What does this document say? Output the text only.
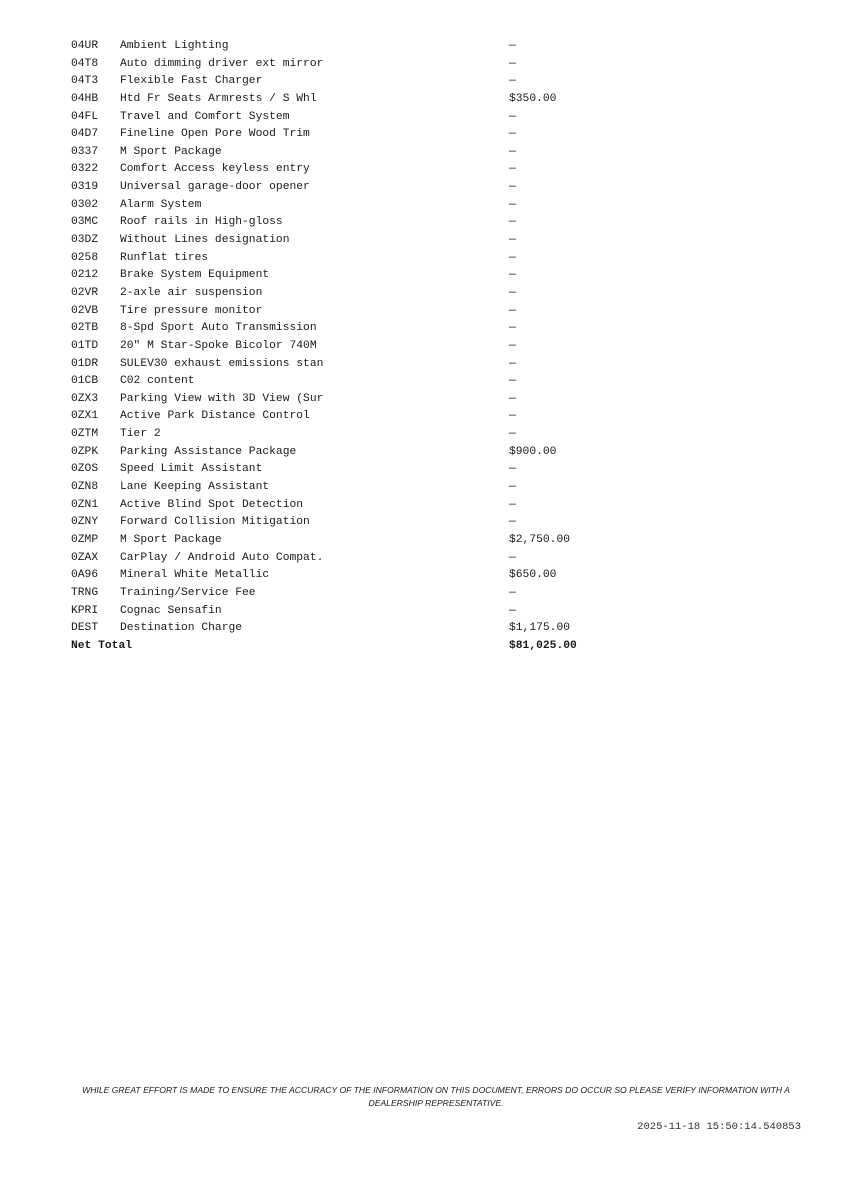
04UR	Ambient Lighting	—
04T8	Auto dimming driver ext mirror	—
04T3	Flexible Fast Charger	—
04HB	Htd Fr Seats Armrests / S Whl	$350.00
04FL	Travel and Comfort System	—
04D7	Fineline Open Pore Wood Trim	—
0337	M Sport Package	—
0322	Comfort Access keyless entry	—
0319	Universal garage-door opener	—
0302	Alarm System	—
03MC	Roof rails in High-gloss	—
03DZ	Without Lines designation	—
0258	Runflat tires	—
0212	Brake System Equipment	—
02VR	2-axle air suspension	—
02VB	Tire pressure monitor	—
02TB	8-Spd Sport Auto Transmission	—
01TD	20" M Star-Spoke Bicolor 740M	—
01DR	SULEV30 exhaust emissions stan	—
01CB	C02 content	—
0ZX3	Parking View with 3D View (Sur	—
0ZX1	Active Park Distance Control	—
0ZTM	Tier 2	—
0ZPK	Parking Assistance Package	$900.00
0ZOS	Speed Limit Assistant	—
0ZN8	Lane Keeping Assistant	—
0ZN1	Active Blind Spot Detection	—
0ZNY	Forward Collision Mitigation	—
0ZMP	M Sport Package	$2,750.00
0ZAX	CarPlay / Android Auto Compat.	—
0A96	Mineral White Metallic	$650.00
TRNG	Training/Service Fee	—
KPRI	Cognac Sensafin	—
DEST	Destination Charge	$1,175.00
Net Total	$81,025.00
WHILE GREAT EFFORT IS MADE TO ENSURE THE ACCURACY OF THE INFORMATION ON THIS DOCUMENT, ERRORS DO OCCUR SO PLEASE VERIFY INFORMATION WITH A DEALERSHIP REPRESENTATIVE.
2025-11-18 15:50:14.540853
